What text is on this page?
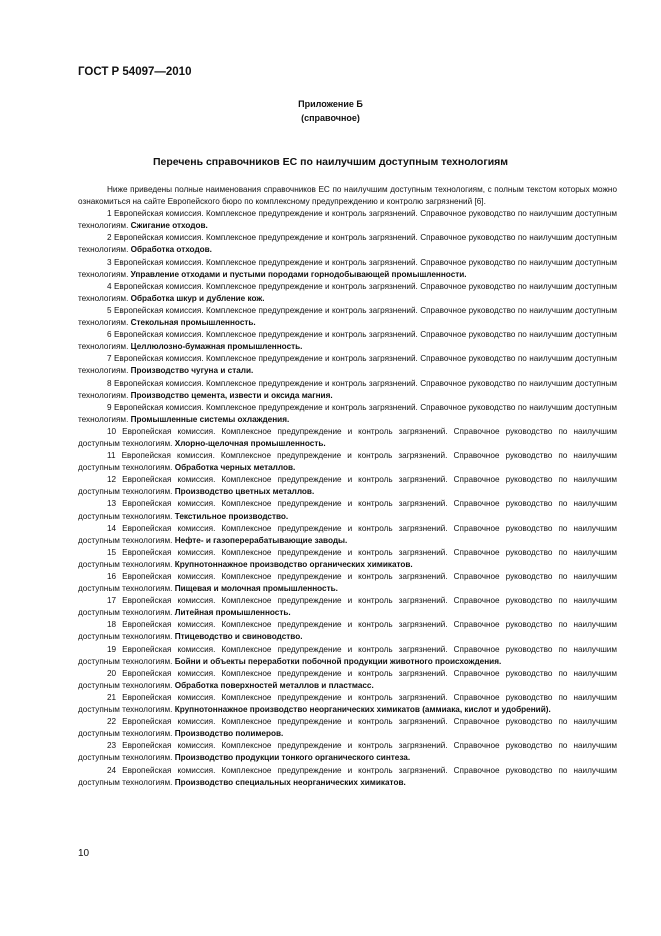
ГОСТ Р 54097—2010

Приложение Б
(справочное)

Перечень справочников ЕС по наилучшим доступным технологиям

Ниже приведены полные наименования справочников ЕС по наилучшим доступным технологиям, с полным текстом которых можно ознакомиться на сайте Европейского бюро по комплексному предупреждению и контролю загрязнений [6].

1 Европейская комиссия. Комплексное предупреждение и контроль загрязнений. Справочное руководство по наилучшим доступным технологиям. Сжигание отходов.

2 Европейская комиссия. Комплексное предупреждение и контроль загрязнений. Справочное руководство по наилучшим доступным технологиям. Обработка отходов.

3 Европейская комиссия. Комплексное предупреждение и контроль загрязнений. Справочное руководство по наилучшим доступным технологиям. Управление отходами и пустыми породами горнодобывающей промышленности.

4 Европейская комиссия. Комплексное предупреждение и контроль загрязнений. Справочное руководство по наилучшим доступным технологиям. Обработка шкур и дубление кож.

5 Европейская комиссия. Комплексное предупреждение и контроль загрязнений. Справочное руководство по наилучшим доступным технологиям. Стекольная промышленность.

6 Европейская комиссия. Комплексное предупреждение и контроль загрязнений. Справочное руководство по наилучшим доступным технологиям. Целлюлозно-бумажная промышленность.

7 Европейская комиссия. Комплексное предупреждение и контроль загрязнений. Справочное руководство по наилучшим доступным технологиям. Производство чугуна и стали.

8 Европейская комиссия. Комплексное предупреждение и контроль загрязнений. Справочное руководство по наилучшим доступным технологиям. Производство цемента, извести и оксида магния.

9 Европейская комиссия. Комплексное предупреждение и контроль загрязнений. Справочное руководство по наилучшим доступным технологиям. Промышленные системы охлаждения.

10 Европейская комиссия. Комплексное предупреждение и контроль загрязнений. Справочное руководство по наилучшим доступным технологиям. Хлорно-щелочная промышленность.

11 Европейская комиссия. Комплексное предупреждение и контроль загрязнений. Справочное руководство по наилучшим доступным технологиям. Обработка черных металлов.

12 Европейская комиссия. Комплексное предупреждение и контроль загрязнений. Справочное руководство по наилучшим доступным технологиям. Производство цветных металлов.

13 Европейская комиссия. Комплексное предупреждение и контроль загрязнений. Справочное руководство по наилучшим доступным технологиям. Текстильное производство.

14 Европейская комиссия. Комплексное предупреждение и контроль загрязнений. Справочное руководство по наилучшим доступным технологиям. Нефте- и газоперерабатывающие заводы.

15 Европейская комиссия. Комплексное предупреждение и контроль загрязнений. Справочное руководство по наилучшим доступным технологиям. Крупнотоннажное производство органических химикатов.

16 Европейская комиссия. Комплексное предупреждение и контроль загрязнений. Справочное руководство по наилучшим доступным технологиям. Пищевая и молочная промышленность.

17 Европейская комиссия. Комплексное предупреждение и контроль загрязнений. Справочное руководство по наилучшим доступным технологиям. Литейная промышленность.

18 Европейская комиссия. Комплексное предупреждение и контроль загрязнений. Справочное руководство по наилучшим доступным технологиям. Птицеводство и свиноводство.

19 Европейская комиссия. Комплексное предупреждение и контроль загрязнений. Справочное руководство по наилучшим доступным технологиям. Бойни и объекты переработки побочной продукции животного происхождения.

20 Европейская комиссия. Комплексное предупреждение и контроль загрязнений. Справочное руководство по наилучшим доступным технологиям. Обработка поверхностей металлов и пластмасс.

21 Европейская комиссия. Комплексное предупреждение и контроль загрязнений. Справочное руководство по наилучшим доступным технологиям. Крупнотоннажное производство неорганических химикатов (аммиака, кислот и удобрений).

22 Европейская комиссия. Комплексное предупреждение и контроль загрязнений. Справочное руководство по наилучшим доступным технологиям. Производство полимеров.

23 Европейская комиссия. Комплексное предупреждение и контроль загрязнений. Справочное руководство по наилучшим доступным технологиям. Производство продукции тонкого органического синтеза.

24 Европейская комиссия. Комплексное предупреждение и контроль загрязнений. Справочное руководство по наилучшим доступным технологиям. Производство специальных неорганических химикатов.

10
